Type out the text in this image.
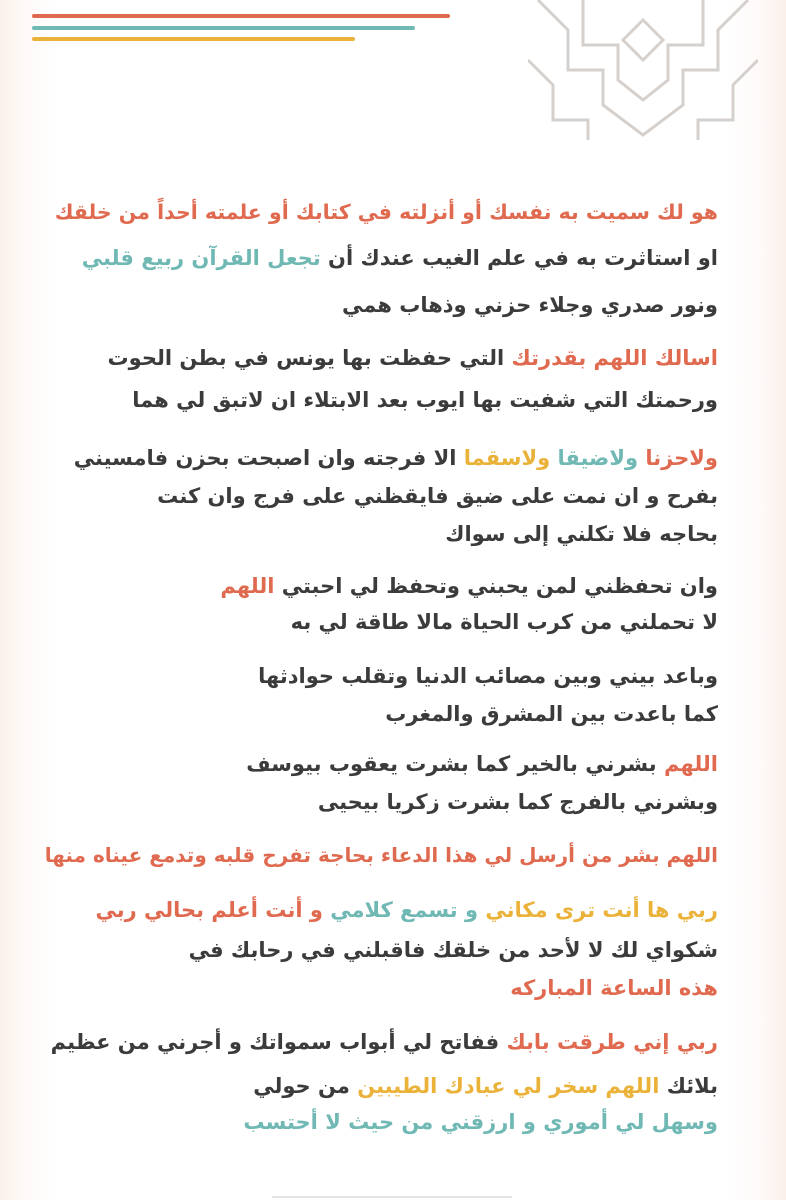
هو لك سميت به نفسك أو أنزلته في كتابك أو علمته أحداً من خلقك
او استاثرت به في علم الغيب عندك أن تجعل القرآن ربيع قلبي
ونور صدري وجلاء حزني وذهاب همي
اسالك اللهم بقدرتك التي حفظت بها يونس في بطن الحوت
ورحمتك التي شفيت بها ايوب بعد الابتلاء ان لاتبق لي هما
ولاحزنا ولاضيقا ولاسقما الا فرجته وان اصبحت بحزن فامسيني
بفرح و ان نمت على ضيق فايقظني على فرج وان كنت
بحاجه فلا تكلني إلى سواك
وان تحفظني لمن يحبني وتحفظ لي احبتي اللهم
لا تحملني من كرب الحياة مالا طاقة لي به
وباعد بيني وبين مصائب الدنيا وتقلب حوادثها
كما باعدت بين المشرق والمغرب
اللهم بشرني بالخير كما بشرت يعقوب بيوسف
وبشرني بالفرج كما بشرت زكريا بيحيى
اللهم بشر من أرسل لي هذا الدعاء بحاجة تفرح قلبه وتدمع عيناه منها
ربي ها أنت ترى مكاني و تسمع كلامي و أنت أعلم بحالي ربي
شكواي لك لا لأحد من خلقك فاقبلني في رحابك في
هذه الساعة المباركه
ربي إني طرقت بابك ففاتح لي أبواب سمواتك و أجرني من عظيم
بلائك اللهم سخر لي عبادك الطيبين من حولي
وسهل لي أموري و ارزقني من حيث لا أحتسب
